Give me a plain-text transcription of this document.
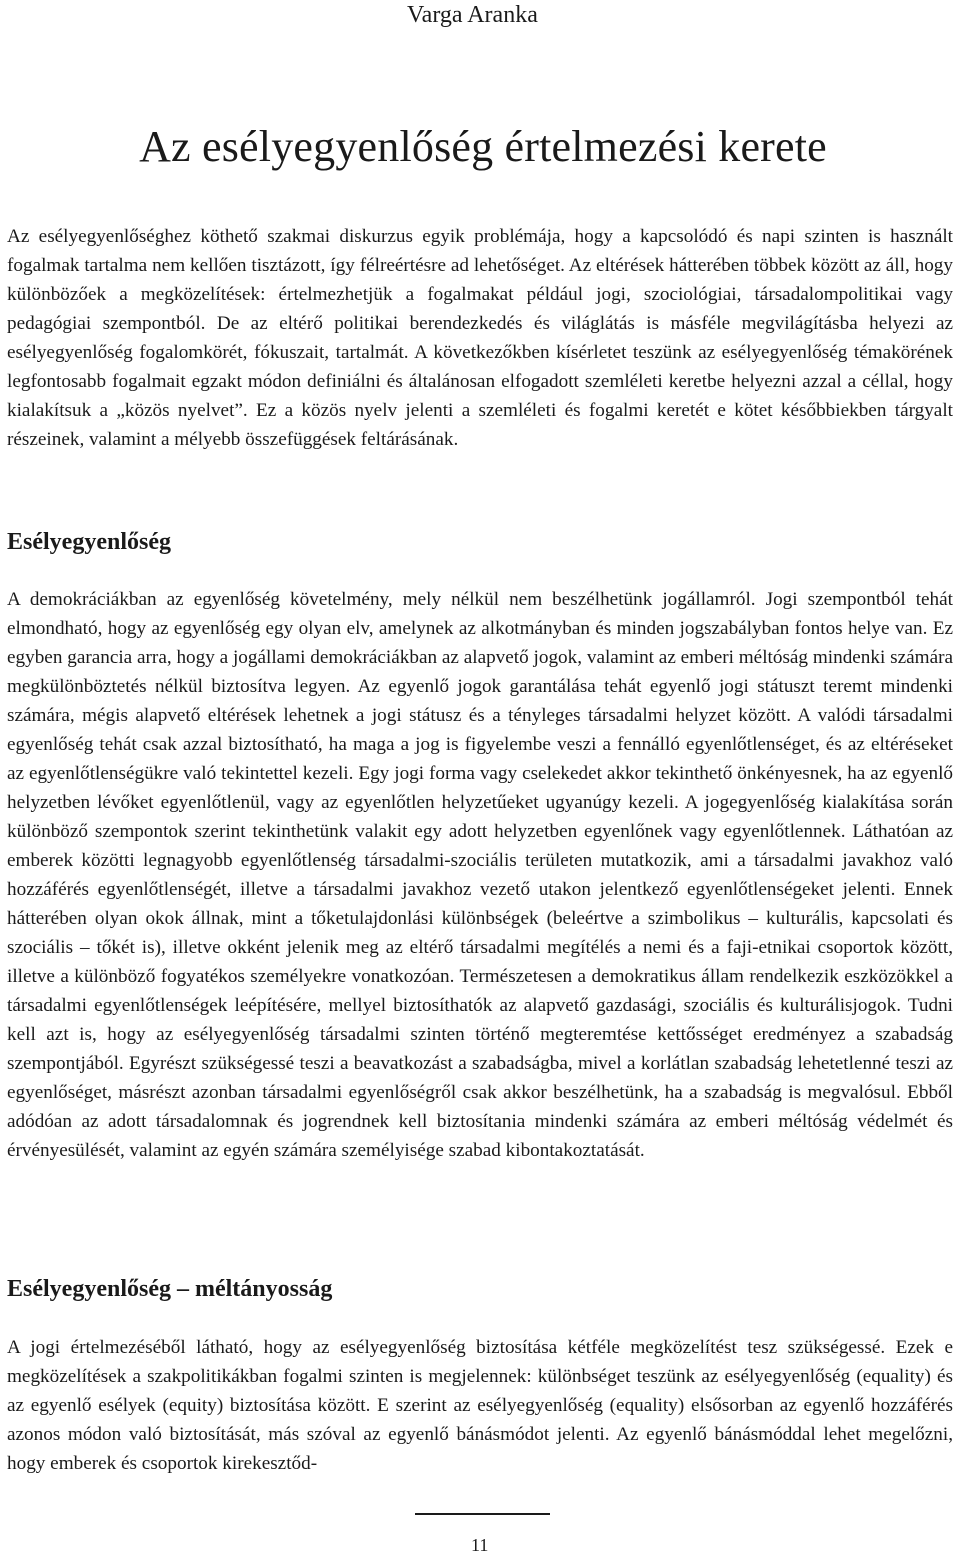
Varga Aranka
Az esélyegyenlőség értelmezési kerete

Az esélyegyenlőséghez köthető szakmai diskurzus egyik problémája, hogy a kapcsolódó és napi szinten is használt fogalmak tartalma nem kellően tisztázott, így félreértésre ad lehetőséget. Az eltérések hátterében többek között az áll, hogy különbözőek a megközelítések: értelmezhetjük a fogalmakat például jogi, szociológiai, társadalompolitikai vagy pedagógiai szempontból. De az eltérő politikai berendezkedés és világlátás is másféle megvilágításba helyezi az esélyegyenlőség fogalomkörét, fókuszait, tartalmát. A következőkben kísérletet teszünk az esélyegyenlőség témakörének legfontosabb fogalmait egzakt módon definiálni és általánosan elfogadott szemléleti keretbe helyezni azzal a céllal, hogy kialakítsuk a „közös nyelvet”. Ez a közös nyelv jelenti a szemléleti és fogalmi keretét e kötet későbbiekben tárgyalt részeinek, valamint a mélyebb összefüggések feltárásának.

Esélyegyenlőség

A demokráciákban az egyenlőség követelmény, mely nélkül nem beszélhetünk jogállamról. Jogi szempontból tehát elmondható, hogy az egyenlőség egy olyan elv, amelynek az alkotmányban és minden jogszabályban fontos helye van. Ez egyben garancia arra, hogy a jogállami demokráciákban az alapvető jogok, valamint az emberi méltóság mindenki számára megkülönböztetés nélkül biztosítva legyen. Az egyenlő jogok garantálása tehát egyenlő jogi státuszt teremt mindenki számára, mégis alapvető eltérések lehetnek a jogi státusz és a tényleges társadalmi helyzet között. A valódi társadalmi egyenlőség tehát csak azzal biztosítható, ha maga a jog is figyelembe veszi a fennálló egyenlőtlenséget, és az eltéréseket az egyenlőtlenségükre való tekintettel kezeli. Egy jogi forma vagy cselekedet akkor tekinthető önkényesnek, ha az egyenlő helyzetben lévőket egyenlőtlenül, vagy az egyenlőtlen helyzetűeket ugyanúgy kezeli. A jogegyenlőség kialakítása során különböző szempontok szerint tekinthetünk valakit egy adott helyzetben egyenlőnek vagy egyenlőtlennek. Láthatóan az emberek közötti legnagyobb egyenlőtlenség társadalmi-szociális területen mutatkozik, ami a társadalmi javakhoz való hozzáférés egyenlőtlenségét, illetve a társadalmi javakhoz vezető utakon jelentkező egyenlőtlenségeket jelenti. Ennek hátterében olyan okok állnak, mint a tőketulajdonlási különbségek (beleértve a szimbolikus – kulturális, kapcsolati és szociális – tőkét is), illetve okként jelenik meg az eltérő társadalmi megítélés a nemi és a faji-etnikai csoportok között, illetve a különböző fogyatékos személyekre vonatkozóan. Természetesen a demokratikus állam rendelkezik eszközökkel a társadalmi egyenlőtlenségek leépítésére, mellyel biztosíthatók az alapvető gazdasági, szociális és kulturálisjogok. Tudni kell azt is, hogy az esélyegyenlőség társadalmi szinten történő megteremtése kettősséget eredményez a szabadság szempontjából. Egyrészt szükségessé teszi a beavatkozást a szabadságba, mivel a korlátlan szabadság lehetetlenné teszi az egyenlőséget, másrészt azonban társadalmi egyenlőségről csak akkor beszélhetünk, ha a szabadság is megvalósul. Ebből adódóan az adott társadalomnak és jogrendnek kell biztosítania mindenki számára az emberi méltóság védelmét és érvényesülését, valamint az egyén számára személyisége szabad kibontakoztatását.

Esélyegyenlőség – méltányosság

A jogi értelmezéséből látható, hogy az esélyegyenlőség biztosítása kétféle megközelítést tesz szükségessé. Ezek e megközelítések a szakpolitikákban fogalmi szinten is megjelennek: különbséget teszünk az esélyegyenlőség (equality) és az egyenlő esélyek (equity) biztosítása között. E szerint az esélyegyenlőség (equality) elsősorban az egyenlő hozzáférés azonos módon való biztosítását, más szóval az egyenlő bánásmódot jelenti. Az egyenlő bánásmóddal lehet megelőzni, hogy emberek és csoportok kirekesztőd-

11
